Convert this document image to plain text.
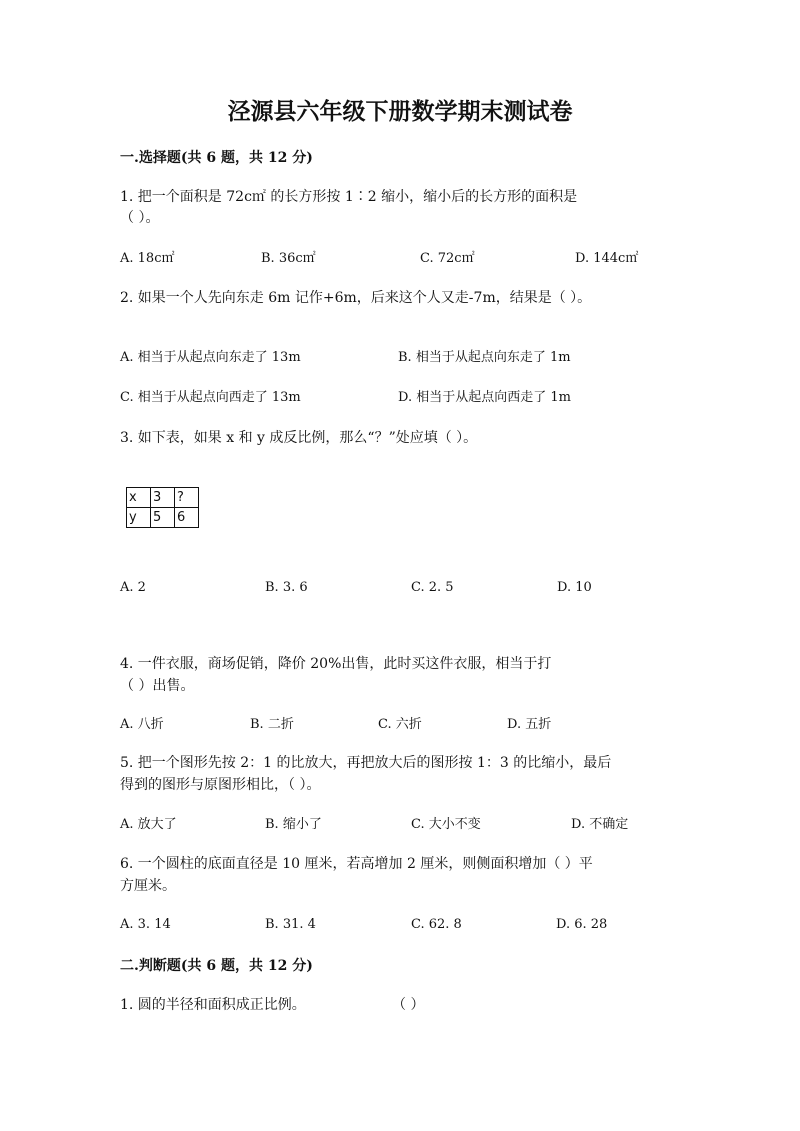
泾源县六年级下册数学期末测试卷
一.选择题(共 6 题，共 12 分)
1. 把一个面积是 72c㎡ 的长方形按 1∶2 缩小，缩小后的长方形的面积是
（ ）。
A. 18c㎡	B. 36c㎡	C. 72c㎡	D. 144c㎡
2. 如果一个人先向东走 6m 记作+6m，后来这个人又走-7m，结果是（ ）。
A. 相当于从起点向东走了 13m	B. 相当于从起点向东走了 1m
C. 相当于从起点向西走了 13m	D. 相当于从起点向西走了 1m
3. 如下表，如果 x 和 y 成反比例，那么“？”处应填（ ）。
x	3	?
y	5	6
A. 2	B. 3. 6	C. 2. 5	D. 10
4. 一件衣服，商场促销，降价 20%出售，此时买这件衣服，相当于打
（ ）出售。
A. 八折	B. 二折	C. 六折	D. 五折
5. 把一个图形先按 2：1 的比放大，再把放大后的图形按 1：3 的比缩小，最后
得到的图形与原图形相比，（ ）。
A. 放大了	B. 缩小了	C. 大小不变	D. 不确定
6. 一个圆柱的底面直径是 10 厘米，若高增加 2 厘米，则侧面积增加（ ）平
方厘米。
A. 3. 14	B. 31. 4	C. 62. 8	D. 6. 28
二.判断题(共 6 题，共 12 分)
1. 圆的半径和面积成正比例。	（ ）
